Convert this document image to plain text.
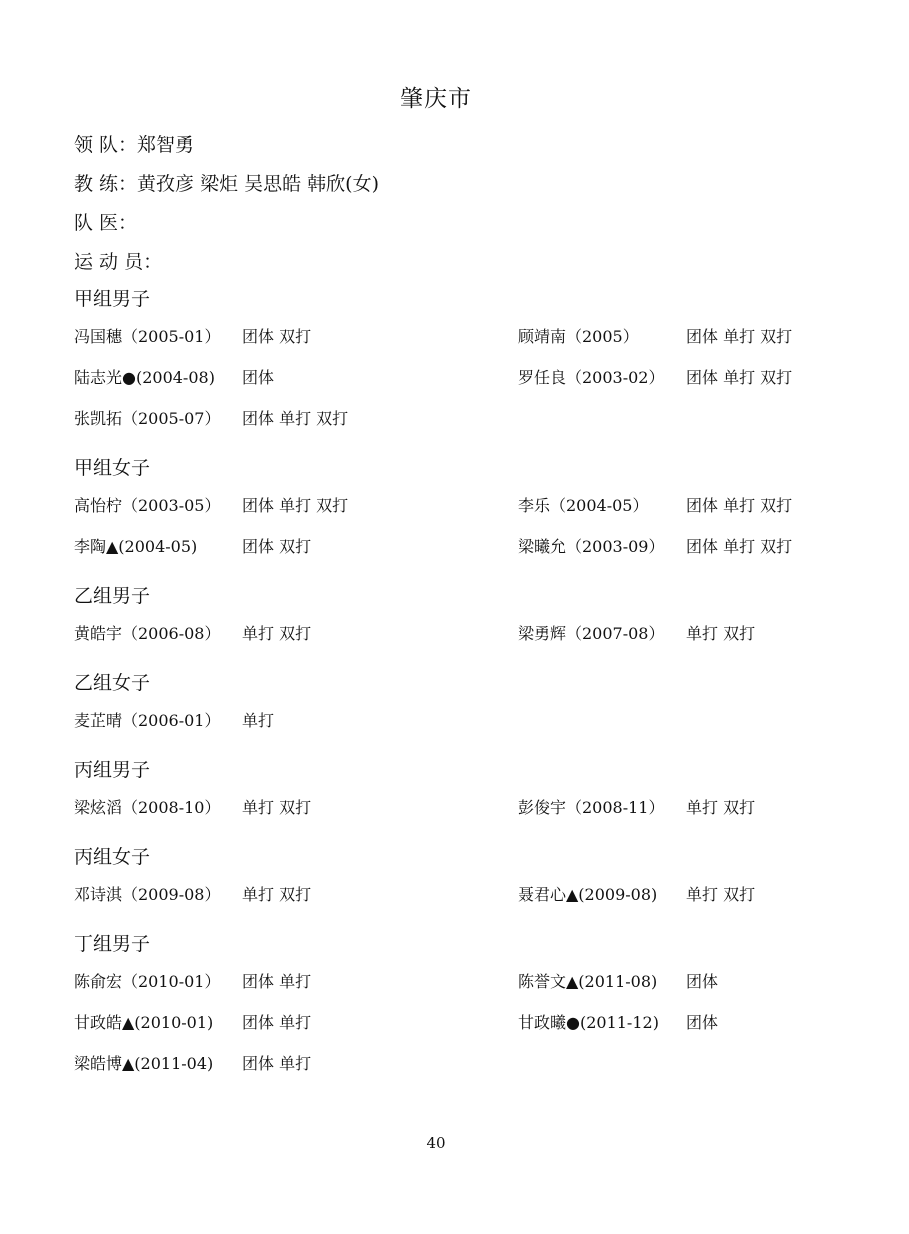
肇庆市
领 队：郑智勇
教 练：黄孜彦 梁炬 吴思皓 韩欣(女)
队 医：
运 动 员：
甲组男子
冯国穗（2005-01） 团体 双打	顾靖南（2005）	团体 单打 双打
陆志光●(2004-08) 团体	罗任良（2003-02） 团体 单打 双打
张凯拓（2005-07） 团体 单打 双打
甲组女子
高怡柠（2003-05） 团体 单打 双打	李乐（2004-05） 团体 单打 双打
李陶▲(2004-05)	团体 双打	梁曦允（2003-09） 团体 单打 双打
乙组男子
黄皓宇（2006-08） 单打 双打	梁勇辉（2007-08） 单打 双打
乙组女子
麦芷晴（2006-01） 单打
丙组男子
梁炫滔（2008-10） 单打 双打	彭俊宇（2008-11） 单打 双打
丙组女子
邓诗淇（2009-08） 单打 双打	聂君心▲(2009-08) 单打 双打
丁组男子
陈俞宏（2010-01） 团体 单打	陈誉文▲(2011-08) 团体
甘政皓▲(2010-01) 团体 单打	甘政曦●(2011-12) 团体
梁皓博▲(2011-04) 团体 单打
40
